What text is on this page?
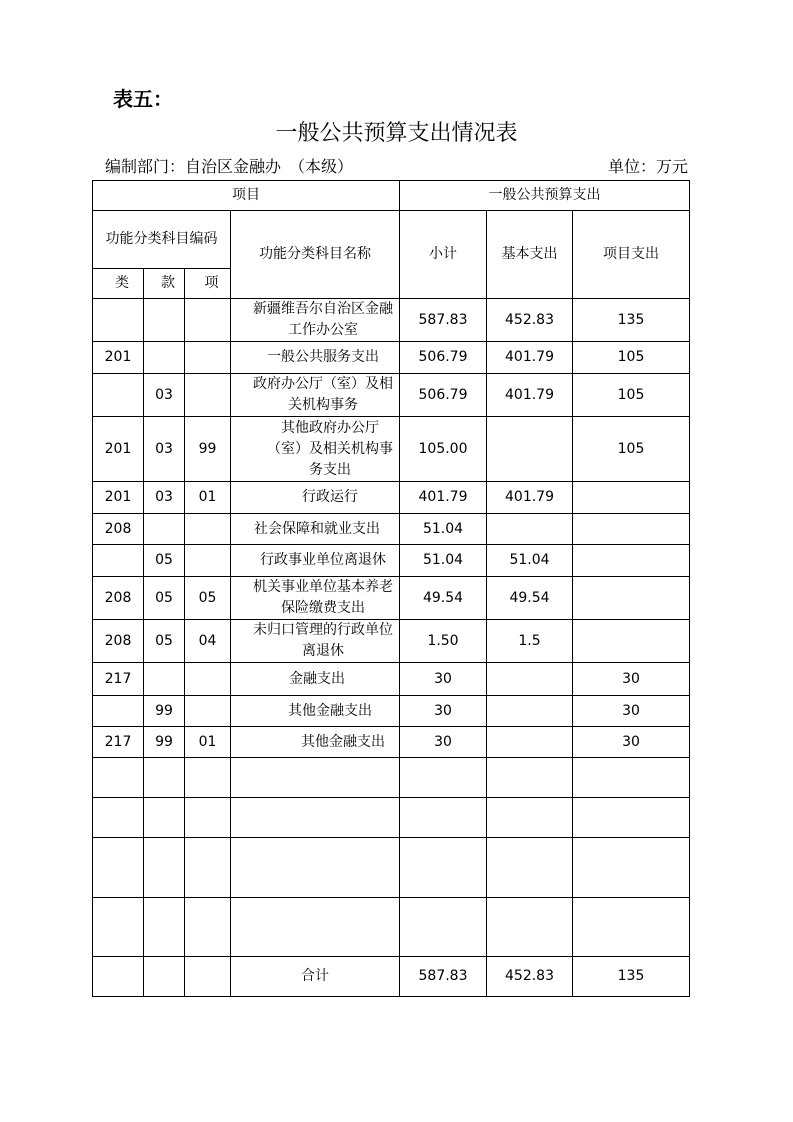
表五：
一般公共预算支出情况表
编制部门：自治区金融办　（本级）	单位：万元
项目				一般公共预算支出		
功能分类科目编码			功能分类科目名称	小计	基本支出	项目支出
类	款	项				
			新疆维吾尔自治区金融工作办公室	587.83	452.83	135
201			一般公共服务支出	506.79	401.79	105
	03		政府办公厅（室）及相关机构事务	506.79	401.79	105
201	03	99	其他政府办公厅（室）及相关机构事务支出	105.00		105
201	03	01	行政运行	401.79	401.79	
208			社会保障和就业支出	51.04		
	05		行政事业单位离退休	51.04	51.04	
208	05	05	机关事业单位基本养老保险缴费支出	49.54	49.54	
208	05	04	未归口管理的行政单位离退休	1.50	1.5	
217			金融支出	30		30
	99		其他金融支出	30		30
217	99	01	其他金融支出	30		30

			合计	587.83	452.83	135
